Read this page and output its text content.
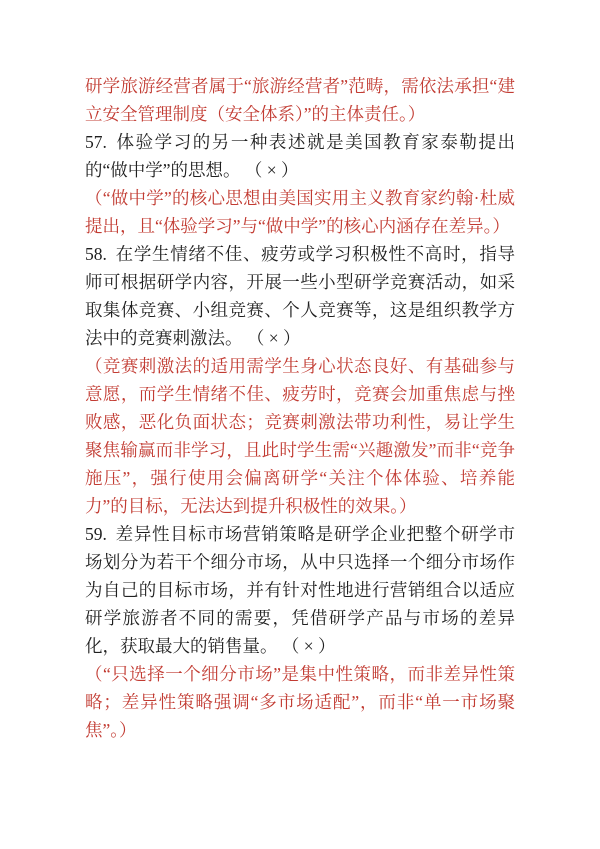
研学旅游经营者属于“旅游经营者”范畴，需依法承担“建立安全管理制度（安全体系）”的主体责任。）

57. 体验学习的另一种表述就是美国教育家泰勒提出的“做中学”的思想。 （ × ）

（“做中学”的核心思想由美国实用主义教育家约翰·杜威提出，且“体验学习”与“做中学”的核心内涵存在差异。）

58. 在学生情绪不佳、疲劳或学习积极性不高时，指导师可根据研学内容，开展一些小型研学竞赛活动，如采取集体竞赛、小组竞赛、个人竞赛等，这是组织教学方法中的竞赛刺激法。 （ × ）

（竞赛刺激法的适用需学生身心状态良好、有基础参与意愿，而学生情绪不佳、疲劳时，竞赛会加重焦虑与挫败感，恶化负面状态；竞赛刺激法带功利性，易让学生聚焦输赢而非学习，且此时学生需“兴趣激发”而非“竞争施压”，强行使用会偏离研学“关注个体体验、培养能力”的目标，无法达到提升积极性的效果。）

59. 差异性目标市场营销策略是研学企业把整个研学市场划分为若干个细分市场，从中只选择一个细分市场作为自己的目标市场，并有针对性地进行营销组合以适应研学旅游者不同的需要，凭借研学产品与市场的差异化，获取最大的销售量。 （ × ）

（“只选择一个细分市场”是集中性策略，而非差异性策略；差异性策略强调“多市场适配”，而非“单一市场聚焦”。）
